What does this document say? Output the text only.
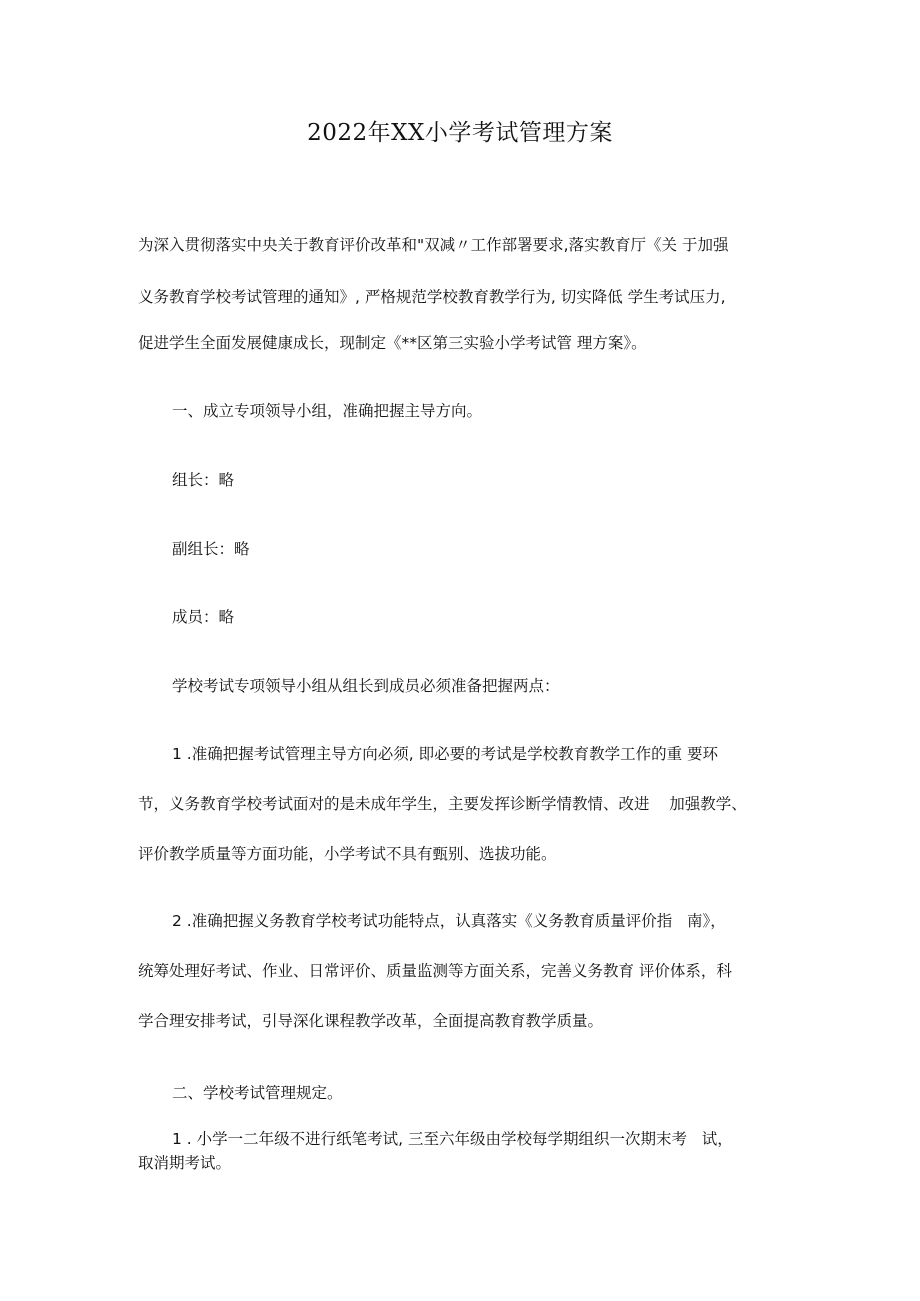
2022年XX小学考试管理方案
为深入贯彻落实中央关于教育评价改革和"双减〃工作部署要求,落实教育厅《关 于加强
义务教育学校考试管理的通知》, 严格规范学校教育教学行为, 切实降低 学生考试压力,
促进学生全面发展健康成长，现制定《**区第三实验小学考试管 理方案》。
一、成立专项领导小组，准确把握主导方向。
组长：略
副组长：略
成员：略
学校考试专项领导小组从组长到成员必须准备把握两点：
1 .准确把握考试管理主导方向必须, 即必要的考试是学校教育教学工作的重 要环
节，义务教育学校考试面对的是未成年学生，主要发挥诊断学情教情、改进    加强教学、
评价教学质量等方面功能，小学考试不具有甄别、选拔功能。
2 .准确把握义务教育学校考试功能特点，认真落实《义务教育质量评价指   南》，
统筹处理好考试、作业、日常评价、质量监测等方面关系，完善义务教育 评价体系，科
学合理安排考试，引导深化课程教学改革，全面提高教育教学质量。
二、学校考试管理规定。
1 . 小学一二年级不进行纸笔考试, 三至六年级由学校每学期组织一次期末考   试，
取消期考试。
